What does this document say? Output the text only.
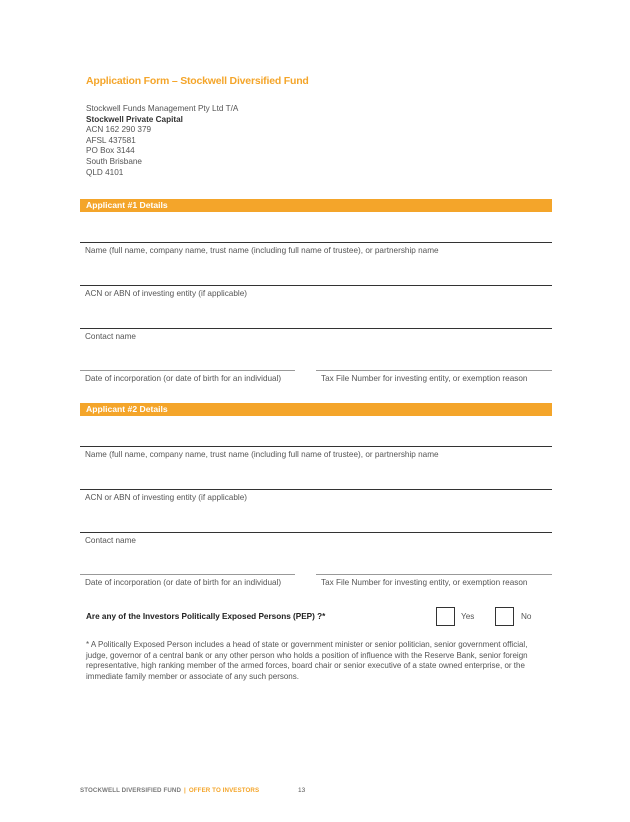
Application Form – Stockwell Diversified Fund
Stockwell Funds Management Pty Ltd T/A
Stockwell Private Capital
ACN 162 290 379
AFSL 437581
PO Box 3144
South Brisbane
QLD 4101
Applicant #1 Details
Name (full name, company name, trust name (including full name of trustee), or partnership name
ACN or ABN of investing entity (if applicable)
Contact name
Date of incorporation (or date of birth for an individual)	Tax File Number for investing entity, or exemption reason
Applicant #2 Details
Name (full name, company name, trust name (including full name of trustee), or partnership name
ACN or ABN of investing entity (if applicable)
Contact name
Date of incorporation (or date of birth for an individual)	Tax File Number for investing entity, or exemption reason
Are any of the Investors Politically Exposed Persons (PEP) ?*	Yes	No
* A Politically Exposed Person includes a head of state or government minister or senior politician, senior government official, judge, governor of a central bank or any other person who holds a position of influence with the Reserve Bank, senior foreign representative, high ranking member of the armed forces, board chair or senior executive of a state owned enterprise, or the immediate family member or associate of any such persons.
STOCKWELL DIVERSIFIED FUND | OFFER TO INVESTORS	13
